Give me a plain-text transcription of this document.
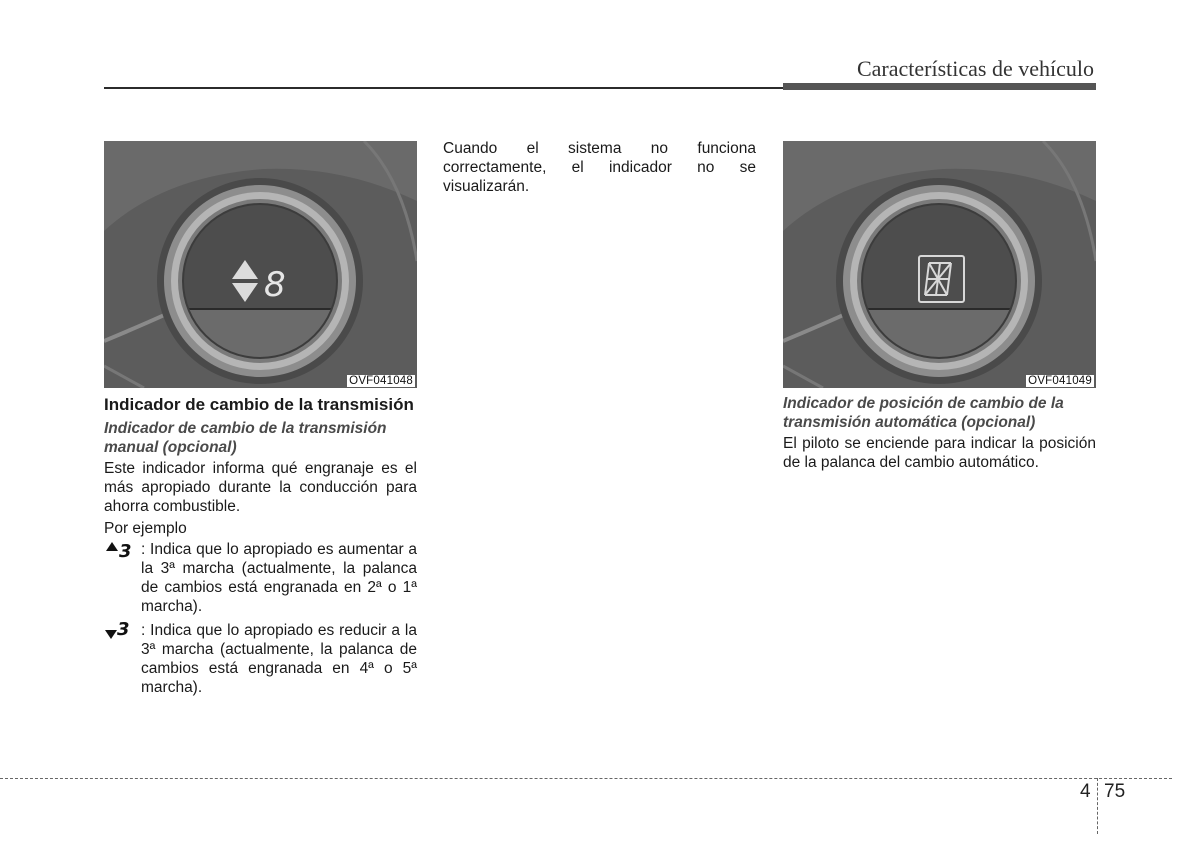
Características de vehículo
8
OVF041048	OVF041049
Cuando el sistema no funciona correctamente, el indicador no se visualizarán.
Indicador de cambio de la transmisión
Indicador de cambio de la transmisión manual (opcional)
Este indicador informa qué engranaje es el más apropiado durante la conducción para ahorra combustible.
Por ejemplo
3 : Indica que lo apropiado es aumentar a la 3ª marcha (actualmente, la palanca de cambios está engranada en 2ª o 1ª marcha).
3 : Indica que lo apropiado es reducir a la 3ª marcha (actualmente, la palanca de cambios está engranada en 4ª o 5ª marcha).
Indicador de posición de cambio de la transmisión automática (opcional)
El piloto se enciende para indicar la posición de la palanca del cambio automático.
4 75
